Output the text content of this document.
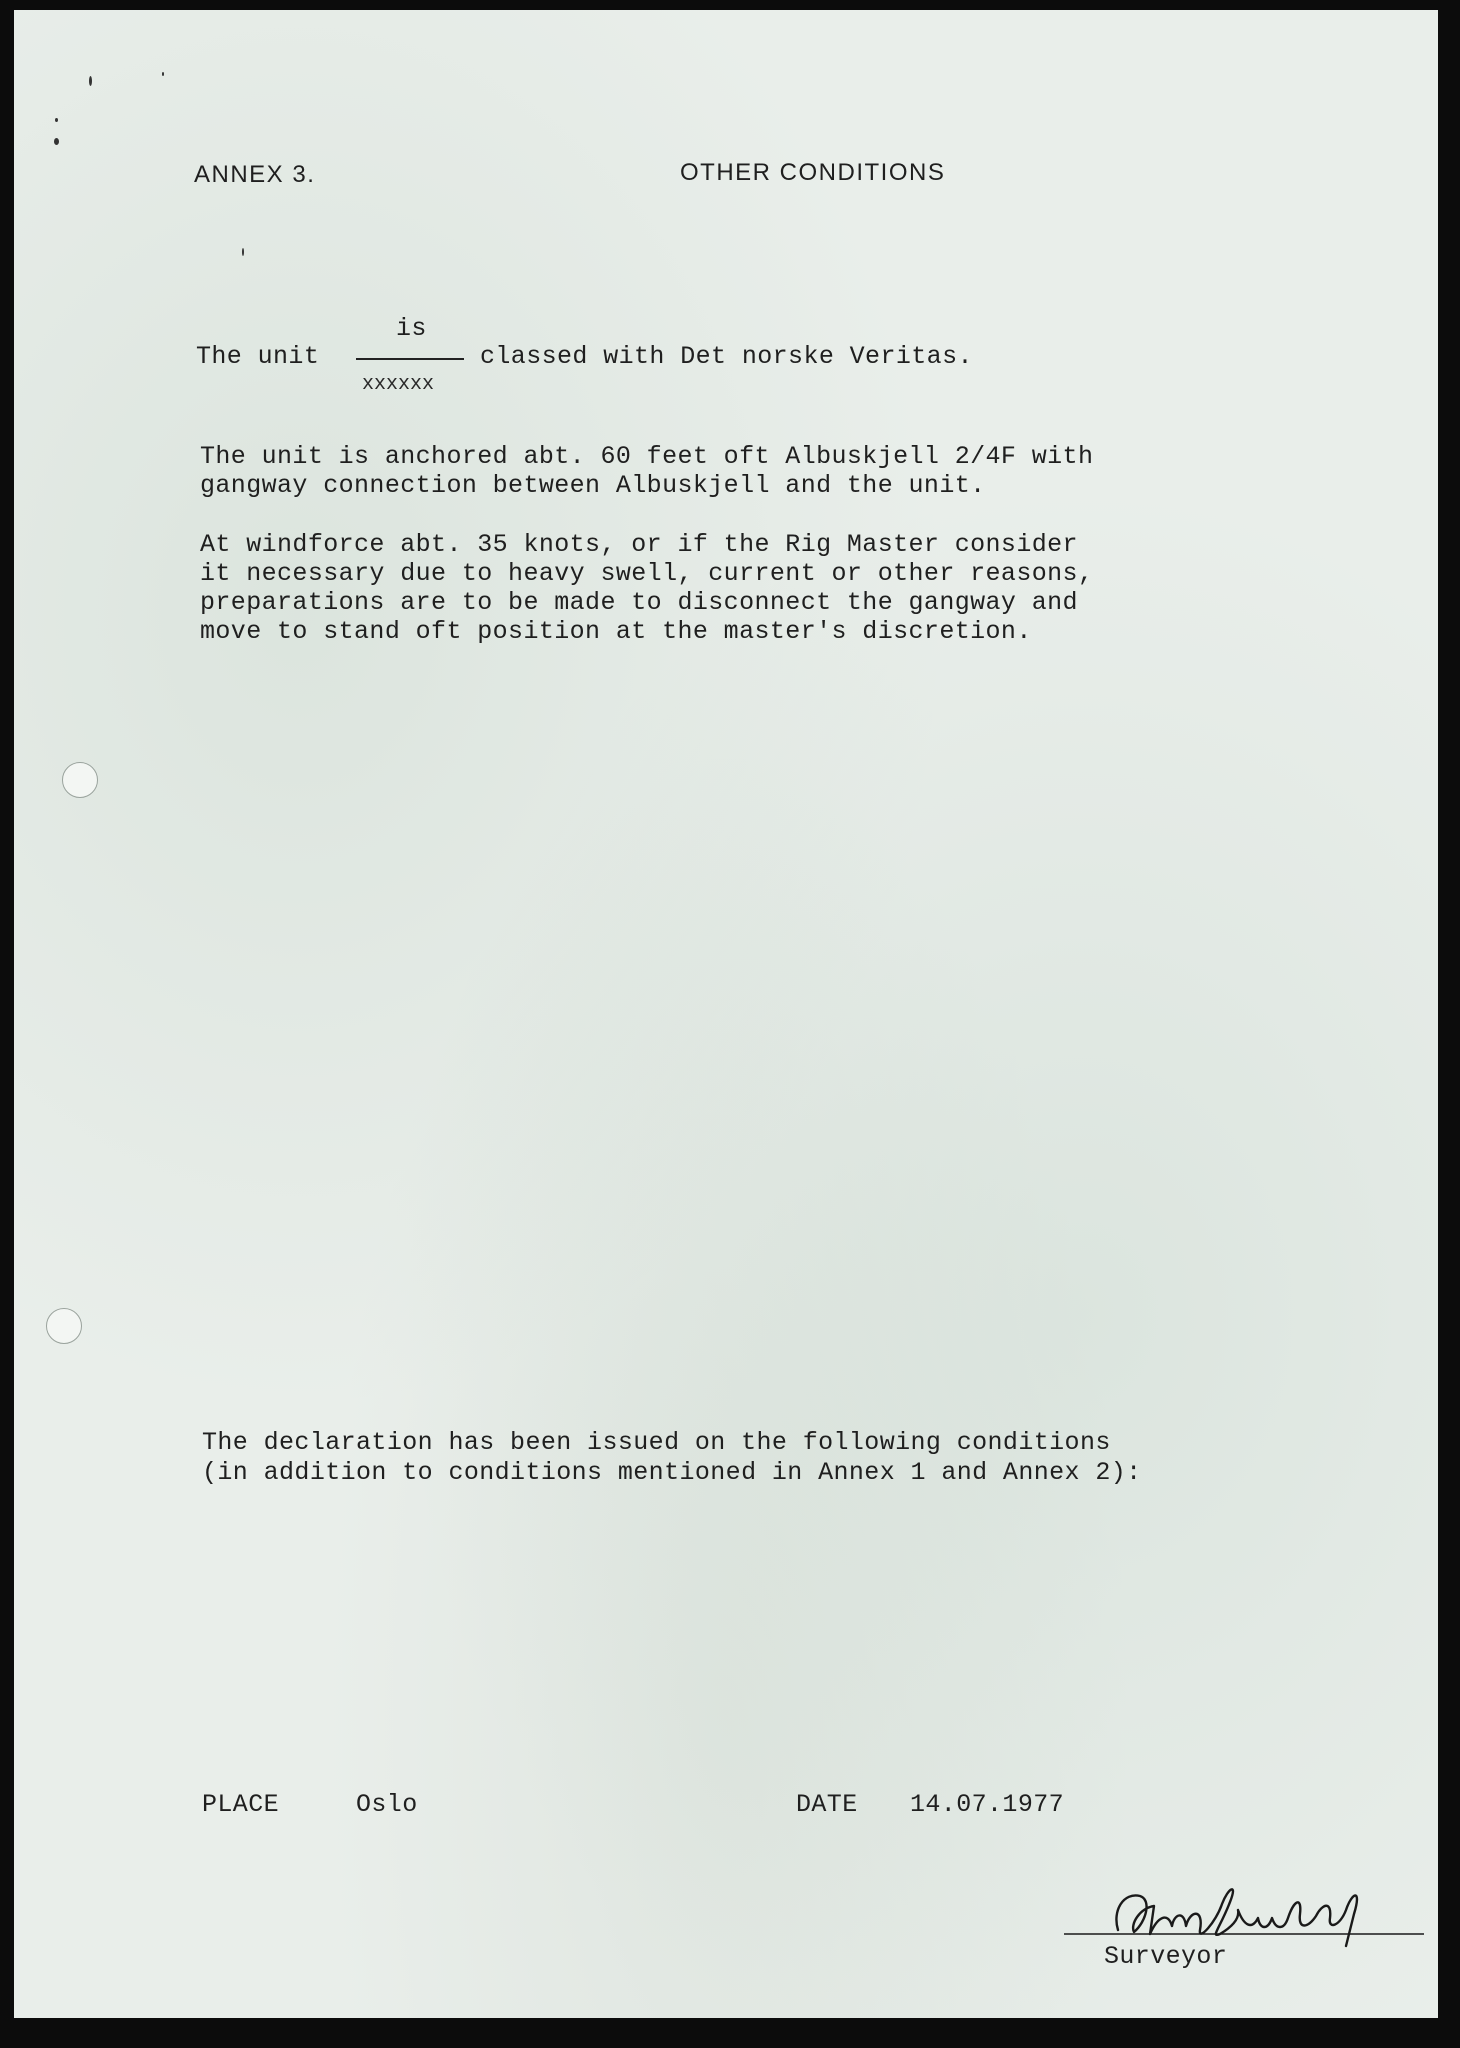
ANNEX 3.	OTHER CONDITIONS
The unit
is
xxxxxx
classed with Det norske Veritas.
The unit is anchored abt. 60 feet oft Albuskjell 2/4F with
gangway connection between Albuskjell and the unit.
At windforce abt. 35 knots, or if the Rig Master consider
it necessary due to heavy swell, current or other reasons,
preparations are to be made to disconnect the gangway and
move to stand oft position at the master's discretion.
The declaration has been issued on the following conditions
(in addition to conditions mentioned in Annex 1 and Annex 2):
PLACE	Oslo	DATE 14.07.1977
Surveyor
